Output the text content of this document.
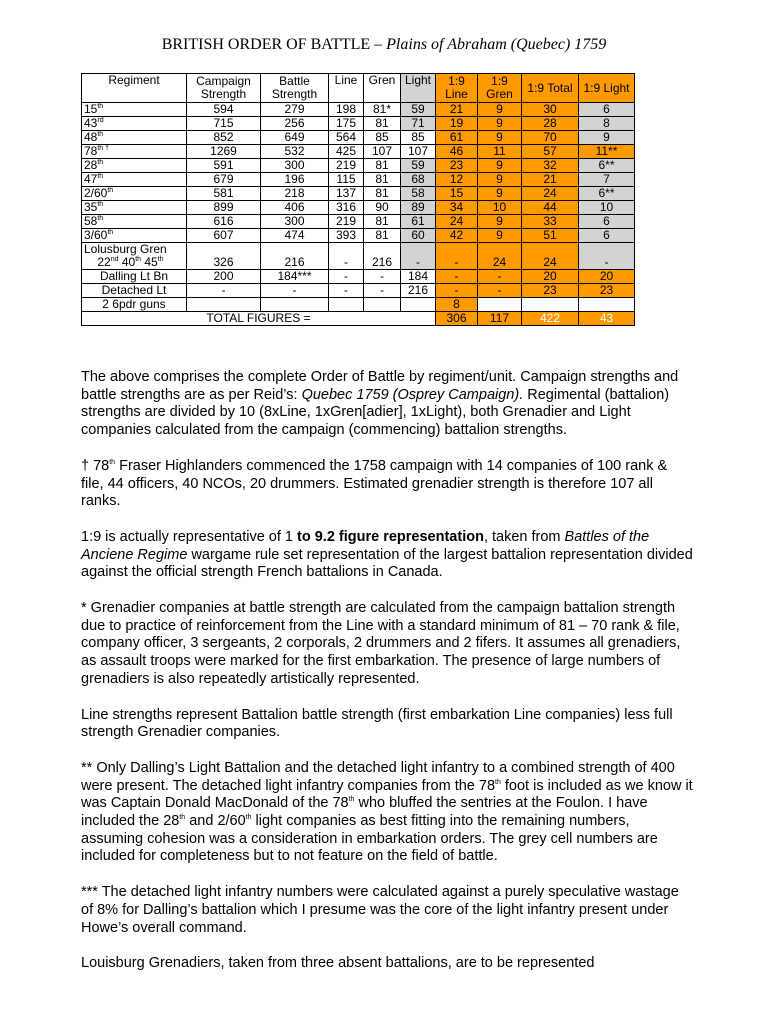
BRITISH ORDER OF BATTLE – Plains of Abraham (Quebec) 1759
Regiment	Campaign Strength	Battle Strength	Line	Gren	Light	1:9 Line	1:9 Gren	1:9 Total	1:9 Light
15th	594	279	198	81*	59	21	9	30	6
43rd	715	256	175	81	71	19	9	28	8
48th	852	649	564	85	85	61	9	70	9
$78^{th \dagger}$	1269	532	425	107	107	46	11	57	11**
28th	591	300	219	81	59	23	9	32	6**
47th	679	196	115	81	68	12	9	21	7
2/60th	581	218	137	81	58	15	9	24	6**
35th	899	406	316	90	89	34	10	44	10
58th	616	300	219	81	61	24	9	33	6
3/60th	607	474	393	81	60	42	9	51	6
Lolusburg Gren
22nd 40th 45th	326	216	-	216	-	-	24	24	-
Dalling Lt Bn	200	184***	-	-	184	-	-	20	20
Detached Lt	-	-	-	-	216	-	-	23	23
2 6pdr guns						8			
TOTAL FIGURES =						306	117	422	43

The above comprises the complete Order of Battle by regiment/unit. Campaign strengths and battle strengths are as per Reid’s: Quebec 1759 (Osprey Campaign). Regimental (battalion) strengths are divided by 10 (8xLine, 1xGren[adier], 1xLight), both Grenadier and Light companies calculated from the campaign (commencing) battalion strengths.

† 78th Fraser Highlanders commenced the 1758 campaign with 14 companies of 100 rank & file, 44 officers, 40 NCOs, 20 drummers. Estimated grenadier strength is therefore 107 all ranks.

1:9 is actually representative of 1 to 9.2 figure representation, taken from Battles of the Anciene Regime wargame rule set representation of the largest battalion representation divided against the official strength French battalions in Canada.

* Grenadier companies at battle strength are calculated from the campaign battalion strength due to practice of reinforcement from the Line with a standard minimum of 81 – 70 rank & file, company officer, 3 sergeants, 2 corporals, 2 drummers and 2 fifers. It assumes all grenadiers, as assault troops were marked for the first embarkation. The presence of large numbers of grenadiers is also repeatedly artistically represented.

Line strengths represent Battalion battle strength (first embarkation Line companies) less full strength Grenadier companies.

** Only Dalling’s Light Battalion and the detached light infantry to a combined strength of 400 were present. The detached light infantry companies from the 78th foot is included as we know it was Captain Donald MacDonald of the 78th who bluffed the sentries at the Foulon. I have included the 28th and 2/60th light companies as best fitting into the remaining numbers, assuming cohesion was a consideration in embarkation orders. The grey cell numbers are included for completeness but to not feature on the field of battle.

*** The detached light infantry numbers were calculated against a purely speculative wastage of 8% for Dalling’s battalion which I presume was the core of the light infantry present under Howe’s overall command.

Louisburg Grenadiers, taken from three absent battalions, are to be represented
